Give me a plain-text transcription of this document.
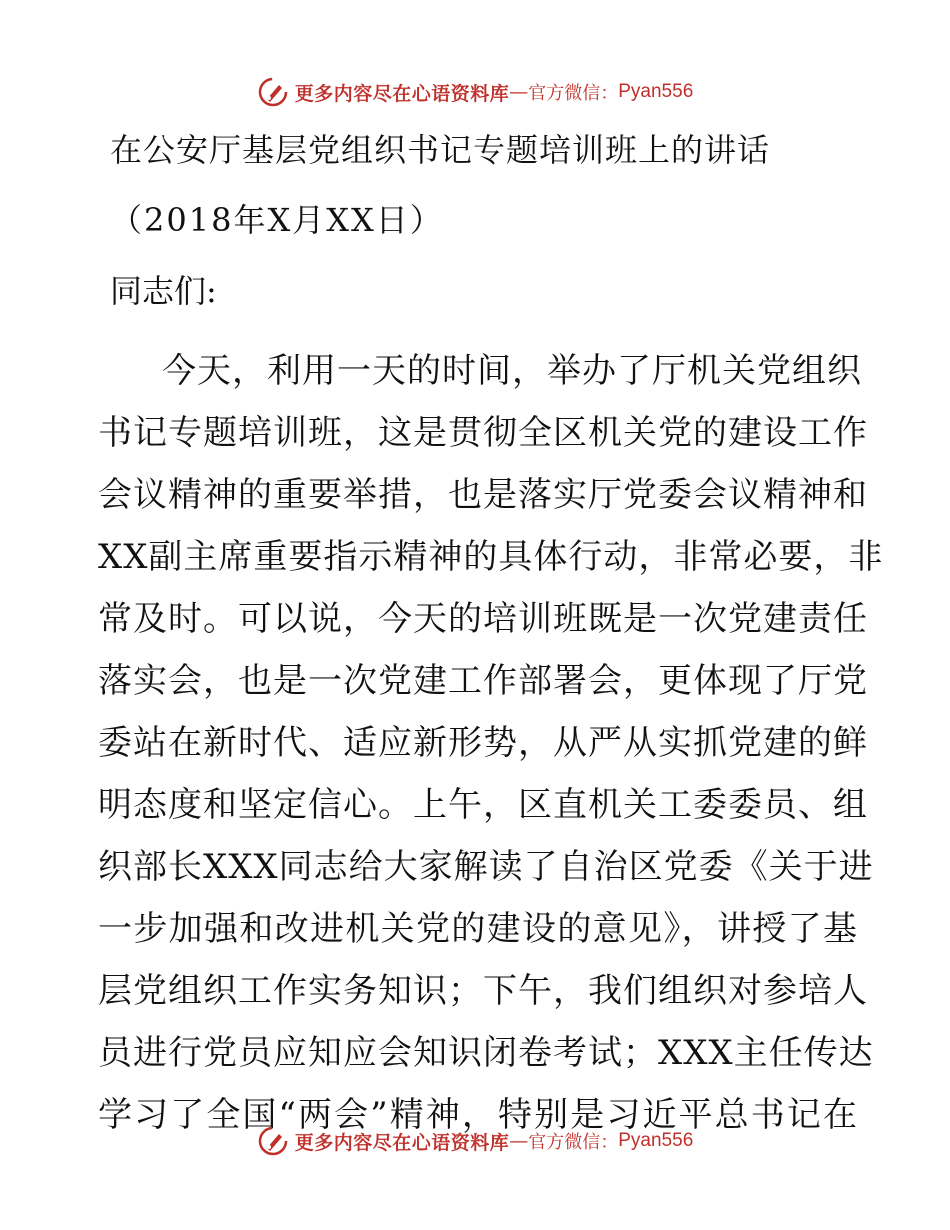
更多内容尽在心语资料库 — 官方微信： Pyan556
在公安厅基层党组织书记专题培训班上的讲话
（2018年X月XX日）
同志们:
今天，利用一天的时间，举办了厅机关党组织
书记专题培训班，这是贯彻全区机关党的建设工作
会议精神的重要举措，也是落实厅党委会议精神和
XX副主席重要指示精神的具体行动，非常必要，非
常及时。可以说，今天的培训班既是一次党建责任
落实会，也是一次党建工作部署会，更体现了厅党
委站在新时代、适应新形势，从严从实抓党建的鲜
明态度和坚定信心。上午，区直机关工委委员、组
织部长XXX同志给大家解读了自治区党委《关于进
一步加强和改进机关党的建设的意见》，讲授了基
层党组织工作实务知识；下午，我们组织对参培人
员进行党员应知应会知识闭卷考试；XXX主任传达
学习了全国“两会”精神，特别是习近平总书记在
更多内容尽在心语资料库 — 官方微信： Pyan556
